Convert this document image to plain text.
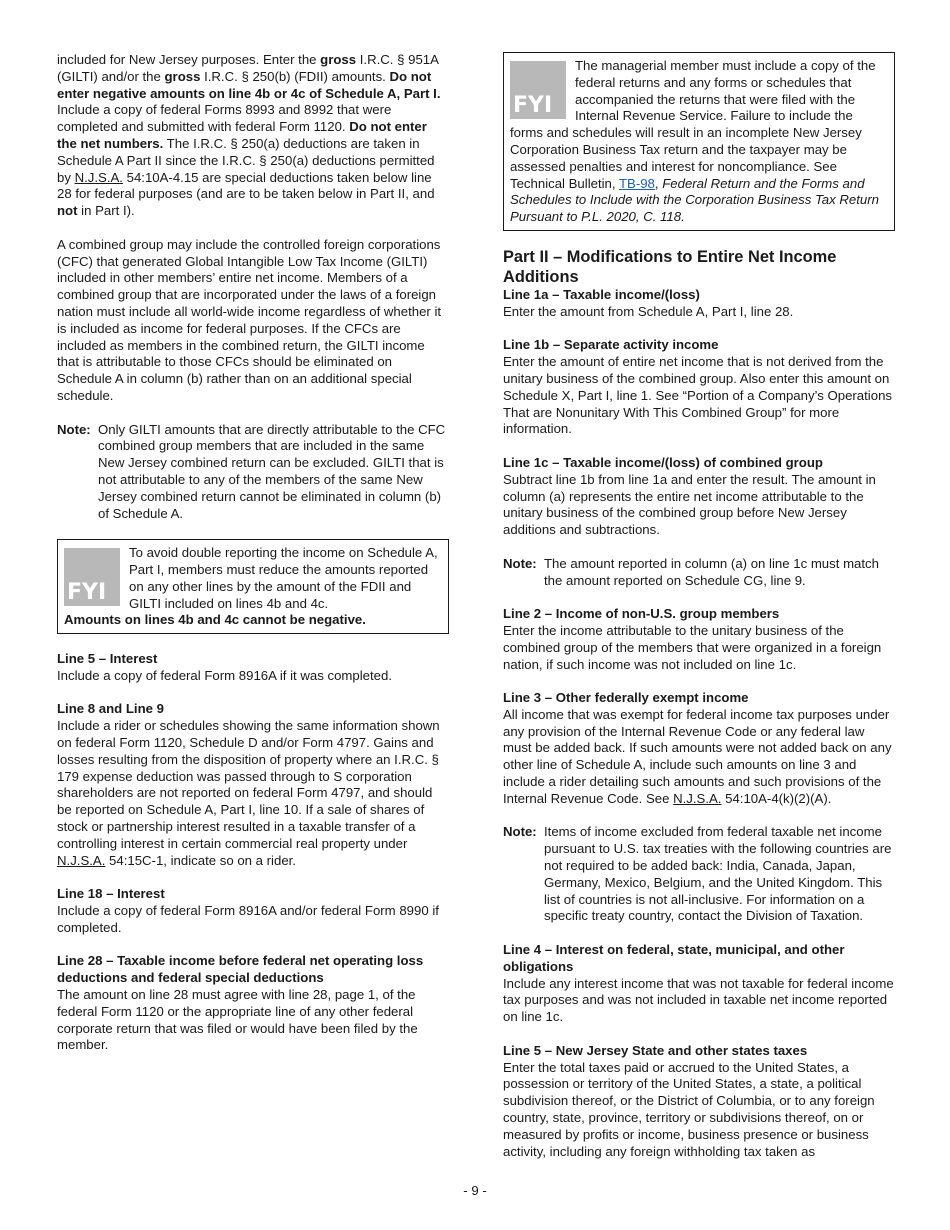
included for New Jersey purposes. Enter the gross I.R.C. § 951A (GILTI) and/or the gross I.R.C. § 250(b) (FDII) amounts. Do not enter negative amounts on line 4b or 4c of Schedule A, Part I. Include a copy of federal Forms 8993 and 8992 that were completed and submitted with federal Form 1120. Do not enter the net numbers. The I.R.C. § 250(a) deductions are taken in Schedule A Part II since the I.R.C. § 250(a) deductions permitted by N.J.S.A. 54:10A-4.15 are special deductions taken below line 28 for federal purposes (and are to be taken below in Part II, and not in Part I).

A combined group may include the controlled foreign corporations (CFC) that generated Global Intangible Low Tax Income (GILTI) included in other members’ entire net income. Members of a combined group that are incorporated under the laws of a foreign nation must include all world-wide income regardless of whether it is included as income for federal purposes. If the CFCs are included as members in the combined return, the GILTI income that is attributable to those CFCs should be eliminated on Schedule A in column (b) rather than on an additional special schedule.

Note: Only GILTI amounts that are directly attributable to the CFC combined group members that are included in the same New Jersey combined return can be excluded. GILTI that is not attributable to any of the members of the same New Jersey combined return cannot be eliminated in column (b) of Schedule A.
FYI
To avoid double reporting the income on Schedule A, Part I, members must reduce the amounts reported on any other lines by the amount of the FDII and GILTI included on lines 4b and 4c.
Amounts on lines 4b and 4c cannot be negative.
Line 5 – Interest

Include a copy of federal Form 8916A if it was completed.

Line 8 and Line 9

Include a rider or schedules showing the same information shown on federal Form 1120, Schedule D and/or Form 4797. Gains and losses resulting from the disposition of property where an I.R.C. § 179 expense deduction was passed through to S corporation shareholders are not reported on federal Form 4797, and should be reported on Schedule A, Part I, line 10. If a sale of shares of stock or partnership interest resulted in a taxable transfer of a controlling interest in certain commercial real property under N.J.S.A. 54:15C-1, indicate so on a rider.

Line 18 – Interest

Include a copy of federal Form 8916A and/or federal Form 8990 if completed.

Line 28 – Taxable income before federal net operating loss deductions and federal special deductions

The amount on line 28 must agree with line 28, page 1, of the federal Form 1120 or the appropriate line of any other federal corporate return that was filed or would have been filed by the member.

FYI
The managerial member must include a copy of the federal returns and any forms or schedules that accompanied the returns that were filed with the Internal Revenue Service. Failure to include the forms and schedules will result in an incomplete New Jersey Corporation Business Tax return and the taxpayer may be assessed penalties and interest for noncompliance. See Technical Bulletin, TB-98, Federal Return and the Forms and Schedules to Include with the Corporation Business Tax Return Pursuant to P.L. 2020, C. 118.
Part II – Modifications to Entire Net Income
Additions
Line 1a – Taxable income/(loss)

Enter the amount from Schedule A, Part I, line 28.

Line 1b – Separate activity income

Enter the amount of entire net income that is not derived from the unitary business of the combined group. Also enter this amount on Schedule X, Part I, line 1. See “Portion of a Company’s Operations That are Nonunitary With This Combined Group” for more information.

Line 1c – Taxable income/(loss) of combined group

Subtract line 1b from line 1a and enter the result. The amount in column (a) represents the entire net income attributable to the unitary business of the combined group before New Jersey additions and subtractions.

Note: The amount reported in column (a) on line 1c must match the amount reported on Schedule CG, line 9.
Line 2 – Income of non-U.S. group members

Enter the income attributable to the unitary business of the combined group of the members that were organized in a foreign nation, if such income was not included on line 1c.

Line 3 – Other federally exempt income

All income that was exempt for federal income tax purposes under any provision of the Internal Revenue Code or any federal law must be added back. If such amounts were not added back on any other line of Schedule A, include such amounts on line 3 and include a rider detailing such amounts and such provisions of the Internal Revenue Code. See N.J.S.A. 54:10A-4(k)(2)(A).

Note: Items of income excluded from federal taxable net income pursuant to U.S. tax treaties with the following countries are not required to be added back: India, Canada, Japan, Germany, Mexico, Belgium, and the United Kingdom. This list of countries is not all-inclusive. For information on a specific treaty country, contact the Division of Taxation.
Line 4 – Interest on federal, state, municipal, and other obligations

Include any interest income that was not taxable for federal income tax purposes and was not included in taxable net income reported on line 1c.

Line 5 – New Jersey State and other states taxes

Enter the total taxes paid or accrued to the United States, a possession or territory of the United States, a state, a political subdivision thereof, or the District of Columbia, or to any foreign country, state, province, territory or subdivisions thereof, on or measured by profits or income, business presence or business activity, including any foreign withholding tax taken as

- 9 -
